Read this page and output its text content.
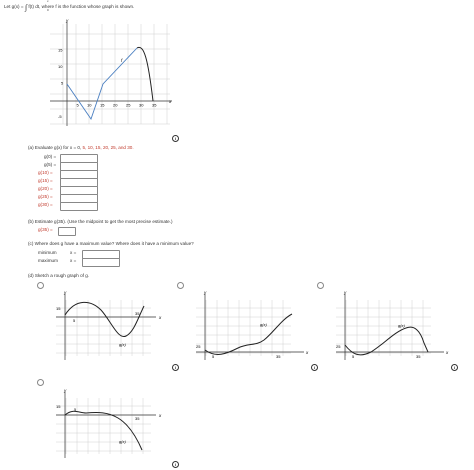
Let g(x) = ∫
x
0
f(t) dt, where f is the function whose graph is shown.
y
x
15
10
5
-5
5 10 15 20 25 30 35
f
i
(a) Evaluate g(x) for x = 0, 5, 10, 15, 20, 25, and 30.
g(0) =
g(5) =
g(10) =
g(15) =
g(20) =
g(25) =
g(30) =
(b) Estimate g(35). (Use the midpoint to get the most precise estimate.)
g(35) =
(c) Where does g have a maximum value? Where does it have a minimum value?
minimum	x =
maximum	x =
(d) Sketch a rough graph of g.
y
x
15
5
35
g(x)
y
x
25
5	35
g(x)
i
y
x
25
5	35
g(x)
i	i
y
x
15
5
35
g(x)
i
